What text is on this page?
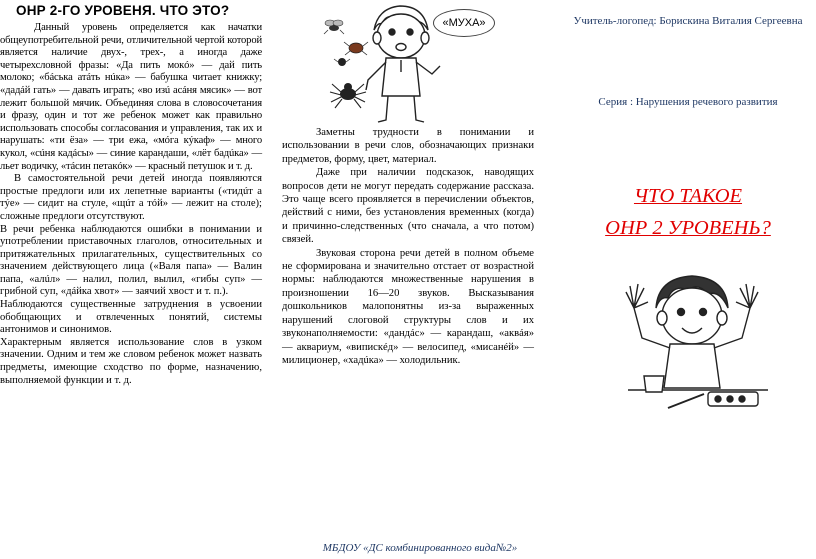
ОНР 2-ГО УРОВЕНЯ. ЧТО ЭТО?

Данный уровень определяется как начатки общеупотребительной речи, отличительной чертой которой является наличие двух-, трех-, а иногда даже четырехсловной фразы: «Да пить мокó» — дай пить молоко; «бáська атáть нúка» — бабушка читает книжку; «дадáй гать» — давать играть; «во изú асáня мясик» — вот лежит большой мячик. Объединяя слова в словосочетания и фразу, один и тот же ребенок может как правильно использовать способы согласования и управления, так их и нарушать: «ти ёза» — три ежа, «мóга кýкаф» — много кукол, «сúня кадáсы» — синие карандаши, «лёт бадúка» — льет водичку, «тáсин петакóк» — красный петушок и т. д.

В самостоятельной речи детей иногда появляются простые предлоги или их лепетные варианты («тидúт а тýе» — сидит на стуле, «щúт а тóй» — лежит на столе); сложные предлоги отсутствуют.

В речи ребенка наблюдаются ошибки в понимании и употреблении приставочных глаголов, относительных и притяжательных прилагательных, существительных со значением действующего лица («Валя папа» — Валин папа, «алúл» — налил, полил, вылил, «гибы суп» — грибной суп, «дáйка хвот» — заячий хвост и т. п.).

Наблюдаются существенные затруднения в усвоении обобщающих и отвлеченных понятий, системы антонимов и синонимов.

Характерным является использование слов в узком значении. Одним и тем же словом ребенок может назвать предметы, имеющие сходство по форме, назначению, выполняемой функции и т. д.

«МУХА»

Заметны трудности в понимании и использовании в речи слов, обозначающих признаки предметов, форму, цвет, материал.

Даже при наличии подсказок, наводящих вопросов дети не могут передать содержание рассказа. Это чаще всего проявляется в перечислении объектов, действий с ними, без установления временных (когда) и причинно-следственных (что сначала, а что потом) связей.

Звуковая сторона речи детей в полном объеме не сформирована и значительно отстает от возрастной нормы: наблюдаются множественные нарушения в произношении 16—20 звуков. Высказывания дошкольников малопонятны из-за выраженных нарушений слоговой структуры слов и их звуконаполняемости: «дандáс» — карандаш, «аквáя» — аквариум, «випискéд» — велосипед, «мисанéй» — милиционер, «хадúка» — холодильник.

Учитель-логопед: Борискина Виталия Сергеевна
Серия : Нарушения речевого развития
ЧТО ТАКОЕ
ОНР 2 УРОВЕНЬ?
МБДОУ «ДС комбинированного вида№2»
